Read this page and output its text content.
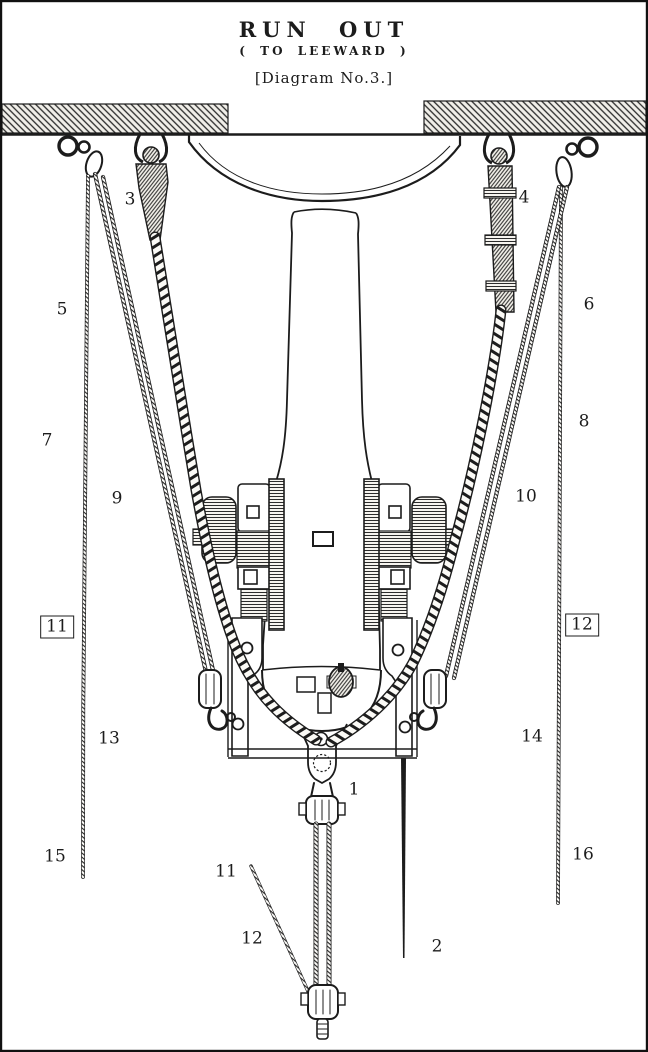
RUN OUT
( TO LEEWARD )
[Diagram No.3.]
1
2
3	4
5	6
7
8
9	10
11	12
13	14
15	16
11
12
